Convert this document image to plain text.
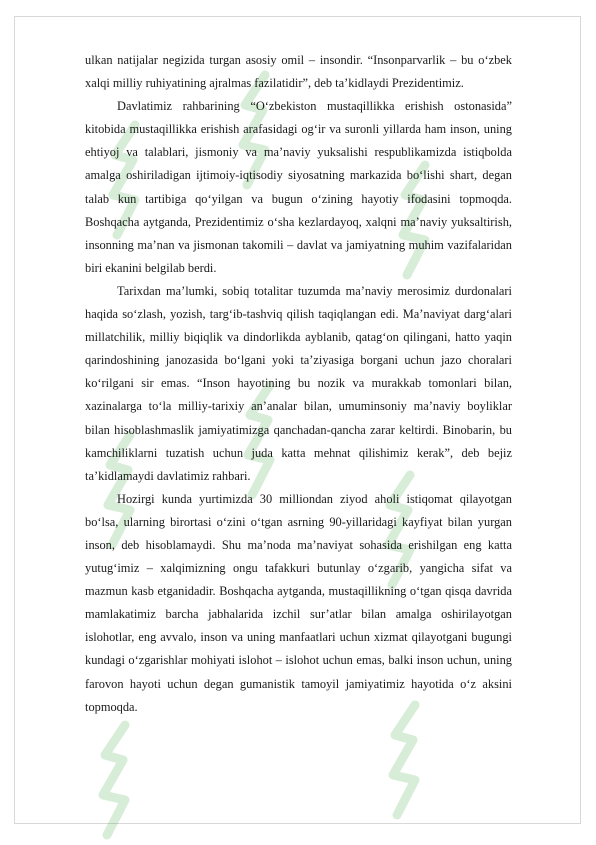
ulkan natijalar negizida turgan asosiy omil – insondir. “Insonparvarlik – bu o‘zbek xalqi milliy ruhiyatining ajralmas fazilatidir”, deb ta’kidlaydi Prezidentimiz.

Davlatimiz rahbarining “O‘zbekiston mustaqillikka erishish ostonasida” kitobida mustaqillikka erishish arafasidagi og‘ir va suronli yillarda ham inson, uning ehtiyoj va talablari, jismoniy va ma’naviy yuksalishi respublikamizda istiqbolda amalga oshiriladigan ijtimoiy-iqtisodiy siyosatning markazida bo‘lishi shart, degan talab kun tartibiga qo‘yilgan va bugun o‘zining hayotiy ifodasini topmoqda. Boshqacha aytganda, Prezidentimiz o‘sha kezlardayoq, xalqni ma’naviy yuksaltirish, insonning ma’nan va jismonan takomili – davlat va jamiyatning muhim vazifalaridan biri ekanini belgilab berdi.

Tarixdan ma’lumki, sobiq totalitar tuzumda ma’naviy merosimiz durdonalari haqida so‘zlash, yozish, targ‘ib-tashviq qilish taqiqlangan edi. Ma’naviyat darg‘alari millatchilik, milliy biqiqlik va dindorlikda ayblanib, qatag‘on qilingani, hatto yaqin qarindoshining janozasida bo‘lgani yoki ta’ziyasiga borgani uchun jazo choralari ko‘rilgani sir emas. “Inson hayotining bu nozik va murakkab tomonlari bilan, xazinalarga to‘la milliy-tarixiy an’analar bilan, umuminsoniy ma’naviy boyliklar bilan hisoblashmaslik jamiyatimizga qanchadan-qancha zarar keltirdi. Binobarin, bu kamchiliklarni tuzatish uchun juda katta mehnat qilishimiz kerak”, deb bejiz ta’kidlamaydi davlatimiz rahbari.

Hozirgi kunda yurtimizda 30 milliondan ziyod aholi istiqomat qilayotgan bo‘lsa, ularning birortasi o‘zini o‘tgan asrning 90-yillaridagi kayfiyat bilan yurgan inson, deb hisoblamaydi. Shu ma’noda ma’naviyat sohasida erishilgan eng katta yutug‘imiz – xalqimizning ongu tafakkuri butunlay o‘zgarib, yangicha sifat va mazmun kasb etganidadir. Boshqacha aytganda, mustaqillikning o‘tgan qisqa davrida mamlakatimiz barcha jabhalarida izchil sur’atlar bilan amalga oshirilayotgan islohotlar, eng avvalo, inson va uning manfaatlari uchun xizmat qilayotgani bugungi kundagi o‘zgarishlar mohiyati islohot – islohot uchun emas, balki inson uchun, uning farovon hayoti uchun degan gumanistik tamoyil jamiyatimiz hayotida o‘z aksini topmoqda.
